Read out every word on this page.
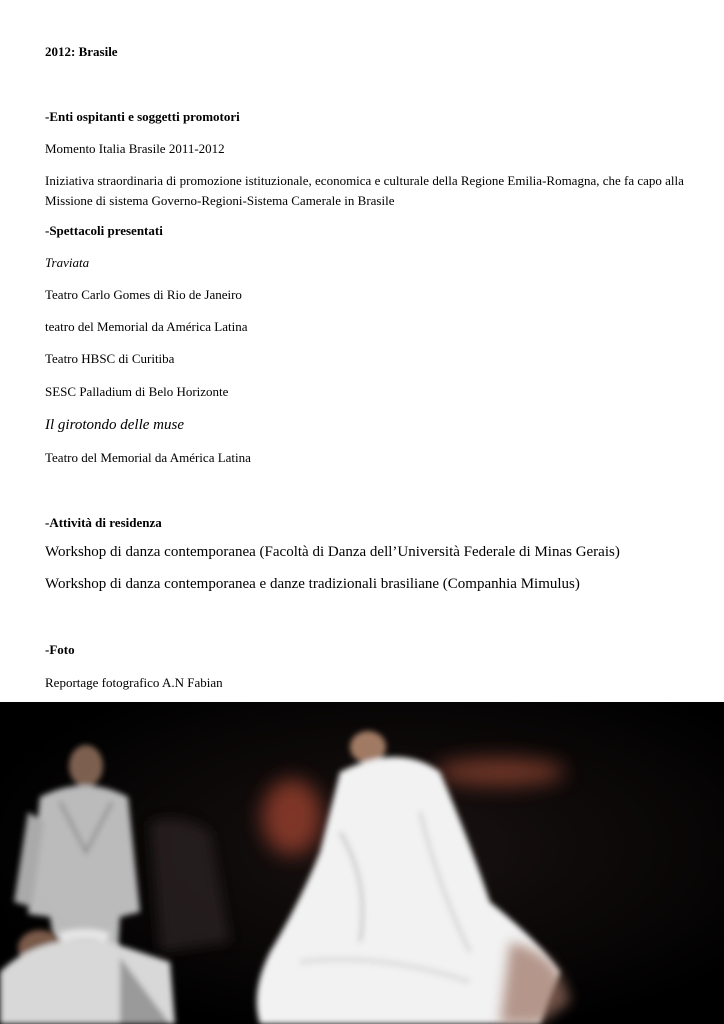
2012: Brasile
-Enti ospitanti e soggetti promotori
Momento Italia Brasile 2011-2012
Iniziativa straordinaria di promozione istituzionale, economica e culturale della Regione Emilia-Romagna, che fa capo alla Missione di sistema Governo-Regioni-Sistema Camerale in Brasile
-Spettacoli presentati
Traviata
Teatro Carlo Gomes di Rio de Janeiro
teatro del Memorial da América Latina
Teatro HBSC di Curitiba
SESC Palladium di Belo Horizonte
Il girotondo delle muse
Teatro del Memorial da América Latina
-Attività di residenza
Workshop di danza contemporanea (Facoltà di Danza dell’Università Federale di Minas Gerais)
Workshop di danza contemporanea e danze tradizionali brasiliane (Companhia Mimulus)
-Foto
Reportage fotografico A.N Fabian
